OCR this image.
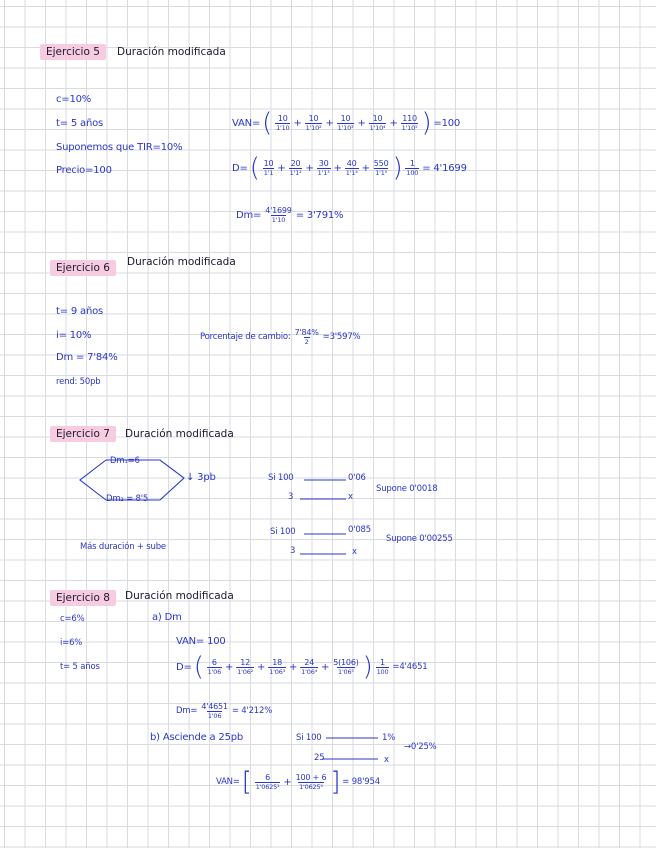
Ejercicio 5 Duración modificada
c=10%
t= 5 años
Suponemos que TIR=10%
Precio=100
VAN= ( $\frac{10}{1'10} + \frac{10}{\text{1'10²}} + \frac{10}{\text{1'10³}} + \frac{10}{\text{1'10⁴}} + \frac{110}{\text{1'10⁵}}$ ) =100
D= ( $\frac{10}{1'1} + \frac{20}{\text{1'1²}} + \frac{30}{\text{1'1³}} + \frac{40}{\text{1'1⁴}} + \frac{550}{\text{1'1⁵}}$ ) $\frac{1}{100} = 4'1699$
$Dm= \frac{4'1699}{1'10} = 3'791\%$
Ejercicio 6 $^{Duración modificada}$
t= 9 años
i= 10%
Dm = 7'84%
rend: 50pb
Porcentaje de cambio: $\frac{7'84\%}{2} =3'597\%$
Ejercicio 7 Duración modificada
Dm₁=6
Dm₂ = 8'5
↓ 3pb	Si 100	0'06
3	x
Supone 0'0018
Si 100	0'085
3	x
Supone 0'00255
Más duración + sube
Ejercicio 8 Duración modificada
c=6%
i=6%
t= 5 años
a) Dm
VAN= 100
D= ( $\frac{6}{1'06} + \frac{12}{\text{1'06²}} + \frac{18}{\text{1'06³}} + \frac{24}{\text{1'06⁴}} + \frac{5(106)}{\text{1'06⁵}}$ ) $\frac{1}{100} =4'4651$
$Dm= \frac{4'4651}{1'06} = 4'212\%$
b) Asciende a 25pb	Si 100	1%
25	x
→0'25%
VAN= [ $\frac{6}{\text{1'0625¹}} + \frac{100 + 6}{\text{1'0625⁵}}$ ] = 98'954
